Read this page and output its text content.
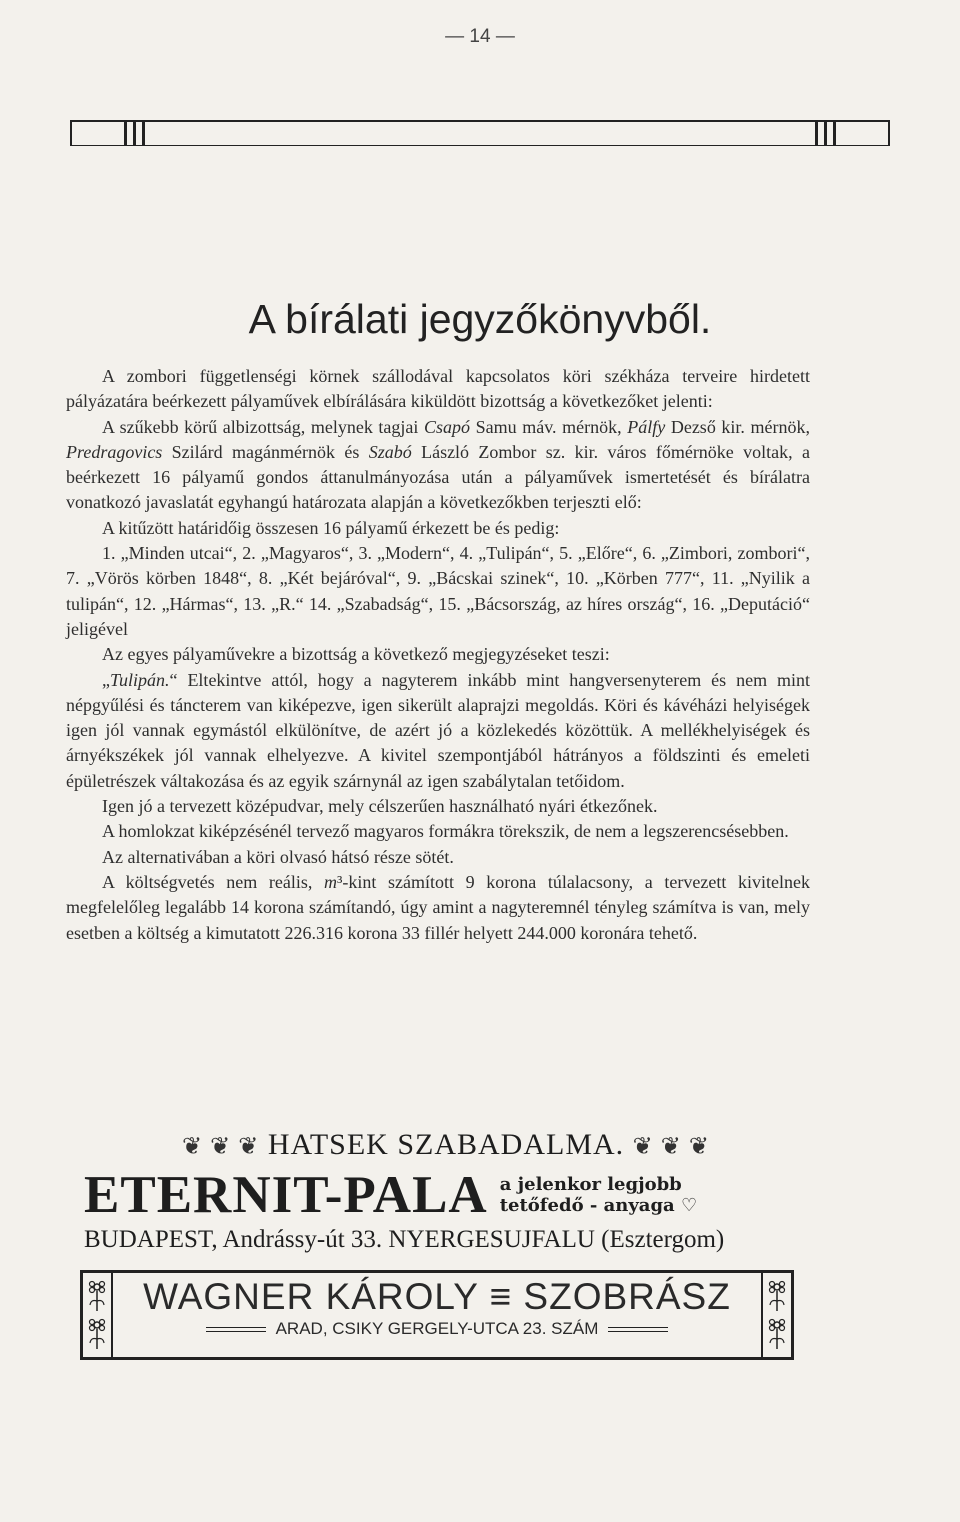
— 14 —
A bírálati jegyzőkönyvből.

A zombori függetlenségi körnek szállodával kapcsolatos köri székháza terveire hirdetett pályázatára beérkezett pályaművek elbírálására kiküldött bizottság a következőket jelenti:

A szűkebb körű albizottság, melynek tagjai Csapó Samu máv. mérnök, Pálfy Dezső kir. mérnök, Predragovics Szilárd magánmérnök és Szabó László Zombor sz. kir. város főmérnöke voltak, a beérkezett 16 pályamű gondos áttanulmányozása után a pályaművek ismertetését és bírálatra vonatkozó javaslatát egyhangú határozata alapján a következőkben terjeszti elő:

A kitűzött határidőig összesen 16 pályamű érkezett be és pedig:

1. „Minden utcai“, 2. „Magyaros“, 3. „Modern“, 4. „Tulipán“, 5. „Előre“, 6. „Zimbori, zombori“, 7. „Vörös körben 1848“, 8. „Két bejáróval“, 9. „Bácskai szinek“, 10. „Körben 777“, 11. „Nyilik a tulipán“, 12. „Hármas“, 13. „R.“ 14. „Szabadság“, 15. „Bácsország, az híres ország“, 16. „Deputáció“ jeligével

Az egyes pályaművekre a bizottság a következő megjegyzéseket teszi:

„Tulipán.“ Eltekintve attól, hogy a nagyterem inkább mint hangversenyterem és nem mint népgyűlési és táncterem van kiképezve, igen sikerült alaprajzi megoldás. Köri és kávéházi helyiségek igen jól vannak egymástól elkülönítve, de azért jó a közlekedés közöttük. A mellékhelyiségek és árnyékszékek jól vannak elhelyezve. A kivitel szempontjából hátrányos a földszinti és emeleti épületrészek váltakozása és az egyik szárnynál az igen szabálytalan tetőidom.

Igen jó a tervezett középudvar, mely célszerűen használható nyári étkezőnek.

A homlokzat kiképzésénél tervező magyaros formákra törekszik, de nem a legszerencsésebben.

Az alternativában a köri olvasó hátsó része sötét.

A költségvetés nem reális, m³-kint számított 9 korona túlalacsony, a tervezett kivitelnek megfelelőleg legalább 14 korona számítandó, úgy amint a nagyteremnél tényleg számítva is van, mely esetben a költség a kimutatott 226.316 korona 33 fillér helyett 244.000 koronára tehető.

❦ ❦ ❦ HATSEK SZABADALMA. ❦ ❦ ❦
ETERNIT-PALA a jelenkor legjobb
tetőfedő - anyaga ♡
BUDAPEST, Andrássy-út 33. NYERGESUJFALU (Esztergom)
WAGNER KÁROLY ≡ SZOBRÁSZ
ARAD, CSIKY GERGELY-UTCA 23. SZÁM
